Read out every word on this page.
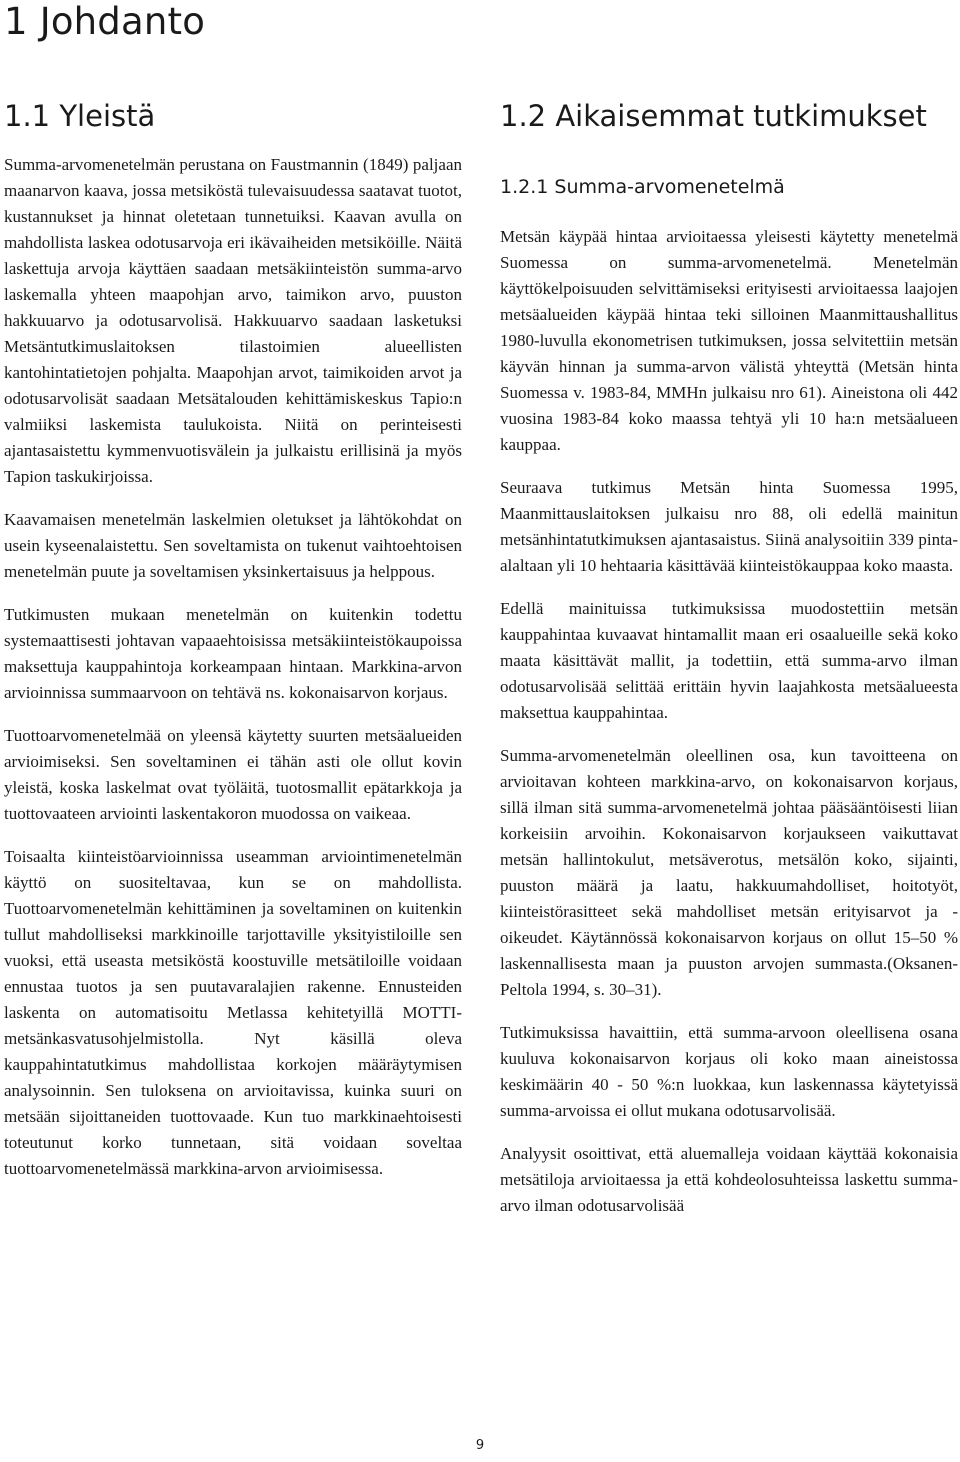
1 Johdanto
1.1 Yleistä

Summa-arvomenetelmän perustana on Faustmannin (1849) paljaan maanarvon kaava, jossa metsiköstä tulevaisuudessa saatavat tuotot, kustannukset ja hinnat oletetaan tunnetuiksi. Kaavan avulla on mahdollista laskea odotusarvoja eri ikävaiheiden metsiköille. Näitä laskettuja arvoja käyttäen saadaan metsäkiinteistön summa-arvo laskemalla yhteen maapohjan arvo, taimikon arvo, puuston hakkuuarvo ja odotusarvolisä. Hakkuuarvo saadaan lasketuksi Metsäntutkimuslaitoksen tilastoimien alueellisten kantohintatietojen pohjalta. Maapohjan arvot, taimikoiden arvot ja odotusarvolisät saadaan Metsätalouden kehittämiskeskus Tapio:n valmiiksi laskemista taulukoista. Niitä on perinteisesti ajantasaistettu kymmenvuotisvälein ja julkaistu erillisinä ja myös Tapion taskukirjoissa.

Kaavamaisen menetelmän laskelmien oletukset ja lähtökohdat on usein kyseenalaistettu. Sen soveltamista on tukenut vaihtoehtoisen menetelmän puute ja soveltamisen yksinkertaisuus ja helppous.

Tutkimusten mukaan menetelmän on kuitenkin todettu systemaattisesti johtavan vapaaehtoisissa metsäkiinteistökaupoissa maksettuja kauppahintoja korkeampaan hintaan. Markkina-arvon arvioinnissa summaarvoon on tehtävä ns. kokonaisarvon korjaus.

Tuottoarvomenetelmää on yleensä käytetty suurten metsäalueiden arvioimiseksi. Sen soveltaminen ei tähän asti ole ollut kovin yleistä, koska laskelmat ovat työläitä, tuotosmallit epätarkkoja ja tuottovaateen arviointi laskentakoron muodossa on vaikeaa.

Toisaalta kiinteistöarvioinnissa useamman arviointimenetelmän käyttö on suositeltavaa, kun se on mahdollista. Tuottoarvomenetelmän kehittäminen ja soveltaminen on kuitenkin tullut mahdolliseksi markkinoille tarjottaville yksityistiloille sen vuoksi, että useasta metsiköstä koostuville metsätiloille voidaan ennustaa tuotos ja sen puutavaralajien rakenne. Ennusteiden laskenta on automatisoitu Metlassa kehitetyillä MOTTI-metsänkasvatusohjelmistolla. Nyt käsillä oleva kauppahintatutkimus mahdollistaa korkojen määräytymisen analysoinnin. Sen tuloksena on arvioitavissa, kuinka suuri on metsään sijoittaneiden tuottovaade. Kun tuo markkinaehtoisesti toteutunut korko tunnetaan, sitä voidaan soveltaa tuottoarvomenetelmässä markkina-arvon arvioimisessa.

1.2 Aikaisemmat tutkimukset
1.2.1 Summa-arvomenetelmä

Metsän käypää hintaa arvioitaessa yleisesti käytetty menetelmä Suomessa on summa-arvomenetelmä. Menetelmän käyttökelpoisuuden selvittämiseksi erityisesti arvioitaessa laajojen metsäalueiden käypää hintaa teki silloinen Maanmittaushallitus 1980-luvulla ekonometrisen tutkimuksen, jossa selvitettiin metsän käyvän hinnan ja summa-arvon välistä yhteyttä (Metsän hinta Suomessa v. 1983-84, MMHn julkaisu nro 61). Aineistona oli 442 vuosina 1983-84 koko maassa tehtyä yli 10 ha:n metsäalueen kauppaa.

Seuraava tutkimus Metsän hinta Suomessa 1995, Maanmittauslaitoksen julkaisu nro 88, oli edellä mainitun metsänhintatutkimuksen ajantasaistus. Siinä analysoitiin 339 pinta-alaltaan yli 10 hehtaaria käsittävää kiinteistökauppaa koko maasta.

Edellä mainituissa tutkimuksissa muodostettiin metsän kauppahintaa kuvaavat hintamallit maan eri osaalueille sekä koko maata käsittävät mallit, ja todettiin, että summa-arvo ilman odotusarvolisää selittää erittäin hyvin laajahkosta metsäalueesta maksettua kauppahintaa.

Summa-arvomenetelmän oleellinen osa, kun tavoitteena on arvioitavan kohteen markkina-arvo, on kokonaisarvon korjaus, sillä ilman sitä summa-arvomenetelmä johtaa pääsääntöisesti liian korkeisiin arvoihin. Kokonaisarvon korjaukseen vaikuttavat metsän hallintokulut, metsäverotus, metsälön koko, sijainti, puuston määrä ja laatu, hakkuumahdolliset, hoitotyöt, kiinteistörasitteet sekä mahdolliset metsän erityisarvot ja -oikeudet. Käytännössä kokonaisarvon korjaus on ollut 15–50 % laskennallisesta maan ja puuston arvojen summasta.(Oksanen-Peltola 1994, s. 30–31).

Tutkimuksissa havaittiin, että summa-arvoon oleellisena osana kuuluva kokonaisarvon korjaus oli koko maan aineistossa keskimäärin 40 - 50 %:n luokkaa, kun laskennassa käytetyissä summa-arvoissa ei ollut mukana odotusarvolisää.

Analyysit osoittivat, että aluemalleja voidaan käyttää kokonaisia metsätiloja arvioitaessa ja että kohdeolosuhteissa laskettu summa-arvo ilman odotusarvolisää

9
